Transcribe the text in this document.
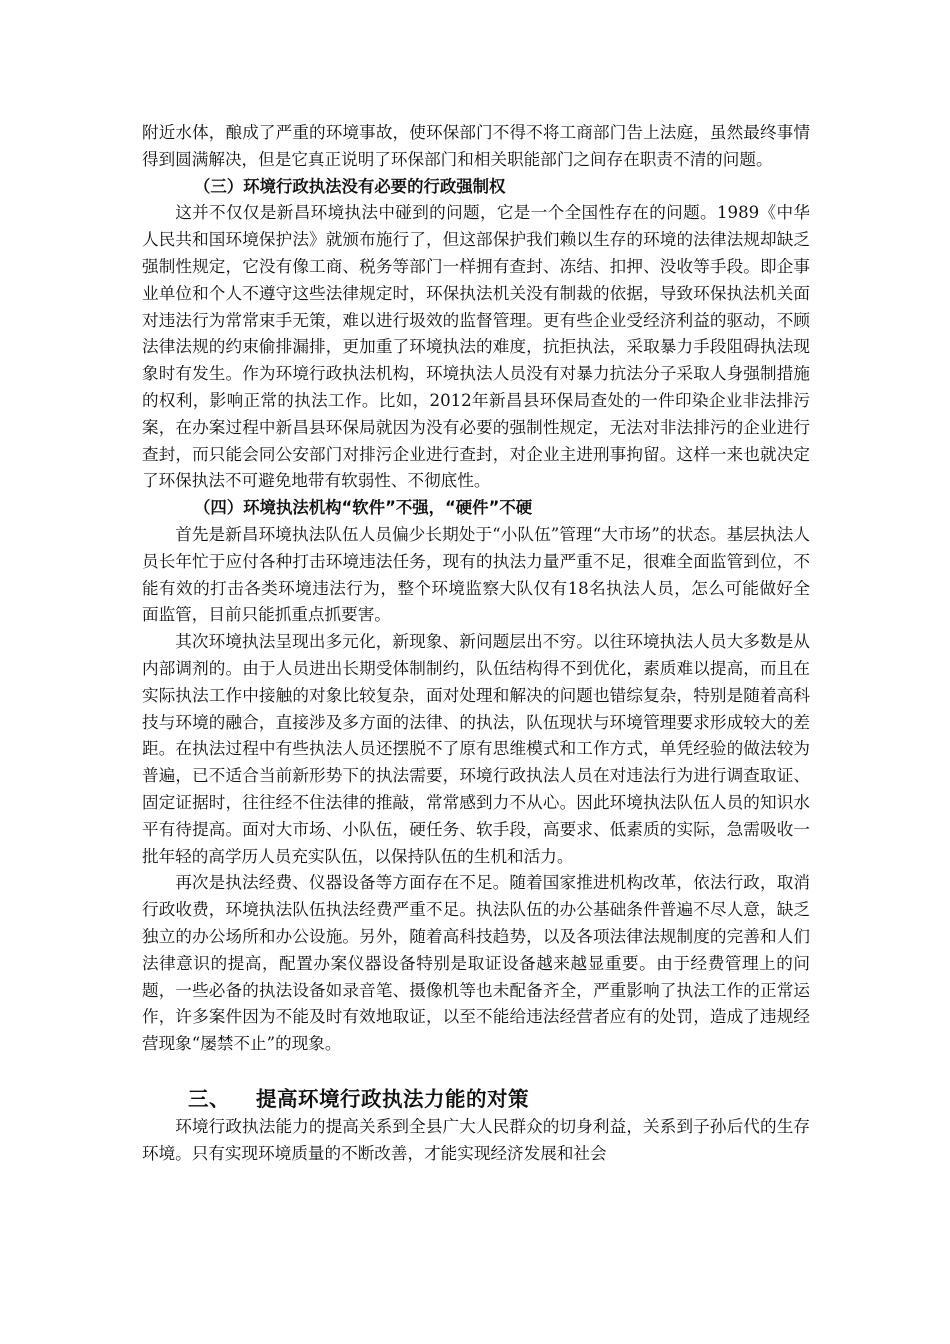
附近水体，酿成了严重的环境事故，使环保部门不得不将工商部门告上法庭，虽然最终事情得到圆满解决，但是它真正说明了环保部门和相关职能部门之间存在职责不清的问题。

（三）环境行政执法没有必要的行政强制权

这并不仅仅是新昌环境执法中碰到的问题，它是一个全国性存在的问题。1989《中华人民共和国环境保护法》就颁布施行了，但这部保护我们赖以生存的环境的法律法规却缺乏强制性规定，它没有像工商、税务等部门一样拥有查封、冻结、扣押、没收等手段。即企事业单位和个人不遵守这些法律规定时，环保执法机关没有制裁的依据，导致环保执法机关面对违法行为常常束手无策，难以进行圾效的监督管理。更有些企业受经济利益的驱动，不顾法律法规的约束偷排漏排，更加重了环境执法的难度，抗拒执法，采取暴力手段阻碍执法现象时有发生。作为环境行政执法机构，环境执法人员没有对暴力抗法分子采取人身强制措施的权利，影响正常的执法工作。比如，2012年新昌县环保局查处的一件印染企业非法排污案，在办案过程中新昌县环保局就因为没有必要的强制性规定，无法对非法排污的企业进行查封，而只能会同公安部门对排污企业进行查封，对企业主进刑事拘留。这样一来也就决定了环保执法不可避免地带有软弱性、不彻底性。

（四）环境执法机构“软件”不强，“硬件”不硬

首先是新昌环境执法队伍人员偏少长期处于“小队伍”管理“大市场”的状态。基层执法人员长年忙于应付各种打击环境违法任务，现有的执法力量严重不足，很难全面监管到位，不能有效的打击各类环境违法行为，整个环境监察大队仅有18名执法人员，怎么可能做好全面监管，目前只能抓重点抓要害。

其次环境执法呈现出多元化，新现象、新问题层出不穷。以往环境执法人员大多数是从内部调剂的。由于人员进出长期受体制制约，队伍结构得不到优化，素质难以提高，而且在实际执法工作中接触的对象比较复杂，面对处理和解决的问题也错综复杂，特别是随着高科技与环境的融合，直接涉及多方面的法律、的执法，队伍现状与环境管理要求形成较大的差距。在执法过程中有些执法人员还摆脱不了原有思维模式和工作方式，单凭经验的做法较为普遍，已不适合当前新形势下的执法需要，环境行政执法人员在对违法行为进行调查取证、固定证据时，往往经不住法律的推敲，常常感到力不从心。因此环境执法队伍人员的知识水平有待提高。面对大市场、小队伍，硬任务、软手段，高要求、低素质的实际，急需吸收一批年轻的高学历人员充实队伍，以保持队伍的生机和活力。

再次是执法经费、仪器设备等方面存在不足。随着国家推进机构改革，依法行政，取消行政收费，环境执法队伍执法经费严重不足。执法队伍的办公基础条件普遍不尽人意，缺乏独立的办公场所和办公设施。另外，随着高科技趋势，以及各项法律法规制度的完善和人们法律意识的提高，配置办案仪器设备特别是取证设备越来越显重要。由于经费管理上的问题，一些必备的执法设备如录音笔、摄像机等也未配备齐全，严重影响了执法工作的正常运作，许多案件因为不能及时有效地取证，以至不能给违法经营者应有的处罚，造成了违规经营现象“屡禁不止”的现象。

三、 提高环境行政执法力能的对策

环境行政执法能力的提高关系到全县广大人民群众的切身利益，关系到子孙后代的生存环境。只有实现环境质量的不断改善，才能实现经济发展和社会
